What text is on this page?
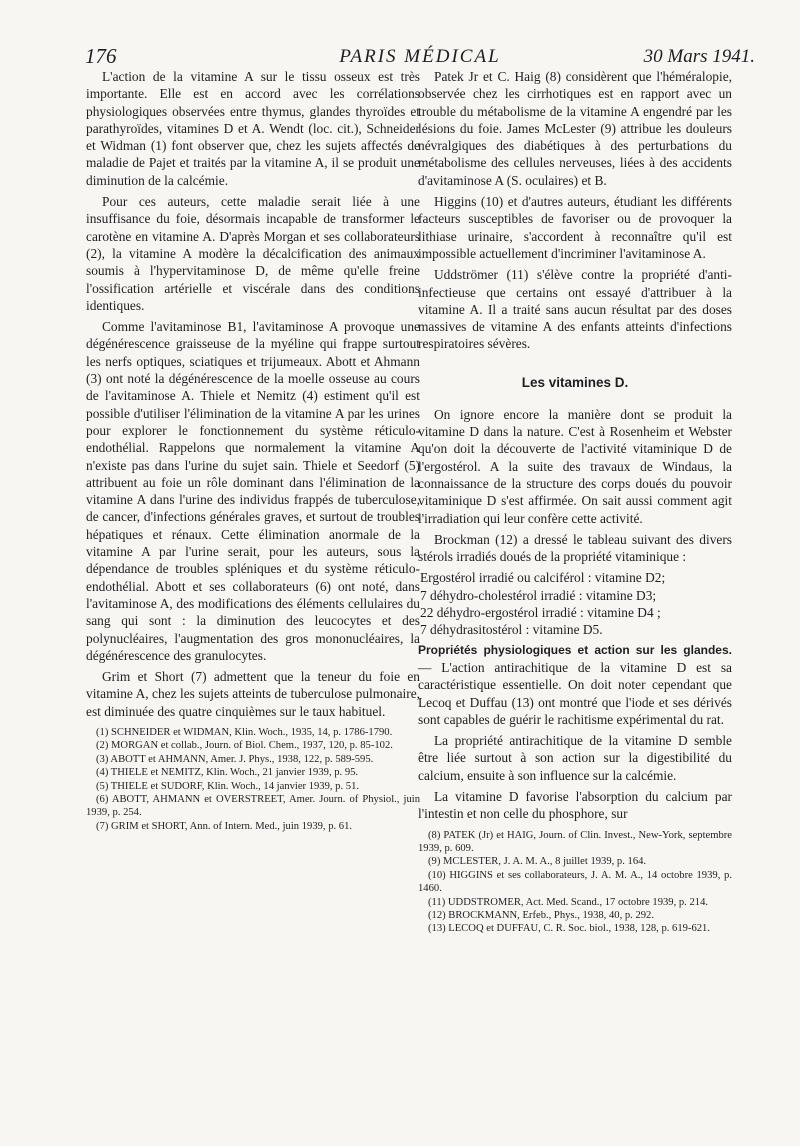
176	PARIS MÉDICAL	30 Mars 1941.

L'action de la vitamine A sur le tissu osseux est très importante. Elle est en accord avec les corrélations physiologiques observées entre thymus, glandes thyroïdes et parathyroïdes, vitamines D et A. Wendt (loc. cit.), Schneider et Widman (1) font observer que, chez les sujets affectés de maladie de Pajet et traités par la vitamine A, il se produit une diminution de la calcémie.

Pour ces auteurs, cette maladie serait liée à une insuffisance du foie, désormais incapable de transformer le carotène en vitamine A. D'après Morgan et ses collaborateurs (2), la vitamine A modère la décalcification des animaux soumis à l'hypervitaminose D, de même qu'elle freine l'ossification artérielle et viscérale dans des conditions identiques.

Comme l'avitaminose B1, l'avitaminose A provoque une dégénérescence graisseuse de la myéline qui frappe surtout les nerfs optiques, sciatiques et trijumeaux. Abott et Ahmann (3) ont noté la dégénérescence de la moelle osseuse au cours de l'avitaminose A. Thiele et Nemitz (4) estiment qu'il est possible d'utiliser l'élimination de la vitamine A par les urines pour explorer le fonctionnement du système réticulo-endothélial. Rappelons que normalement la vitamine A n'existe pas dans l'urine du sujet sain. Thiele et Seedorf (5) attribuent au foie un rôle dominant dans l'élimination de la vitamine A dans l'urine des individus frappés de tuberculose, de cancer, d'infections générales graves, et surtout de troubles hépatiques et rénaux. Cette élimination anormale de la vitamine A par l'urine serait, pour les auteurs, sous la dépendance de troubles spléniques et du système réticulo-endothélial. Abott et ses collaborateurs (6) ont noté, dans l'avitaminose A, des modifications des éléments cellulaires du sang qui sont : la diminution des leucocytes et des polynucléaires, l'augmentation des gros mononucléaires, la dégénérescence des granulocytes.

Grim et Short (7) admettent que la teneur du foie en vitamine A, chez les sujets atteints de tuberculose pulmonaire, est diminuée des quatre cinquièmes sur le taux habituel.

(1) SCHNEIDER et WIDMAN, Klin. Woch., 1935, 14, p. 1786-1790.

(2) MORGAN et collab., Journ. of Biol. Chem., 1937, 120, p. 85-102.

(3) ABOTT et AHMANN, Amer. J. Phys., 1938, 122, p. 589-595.

(4) THIELE et NEMITZ, Klin. Woch., 21 janvier 1939, p. 95.

(5) THIELE et SUDORF, Klin. Woch., 14 janvier 1939, p. 51.

(6) ABOTT, AHMANN et OVERSTREET, Amer. Journ. of Physiol., juin 1939, p. 254.

(7) GRIM et SHORT, Ann. of Intern. Med., juin 1939, p. 61.

Patek Jr et C. Haig (8) considèrent que l'héméralopie, observée chez les cirrhotiques est en rapport avec un trouble du métabolisme de la vitamine A engendré par les lésions du foie. James McLester (9) attribue les douleurs névralgiques des diabétiques à des perturbations du métabolisme des cellules nerveuses, liées à des accidents d'avitaminose A (S. oculaires) et B.

Higgins (10) et d'autres auteurs, étudiant les différents facteurs susceptibles de favoriser ou de provoquer la lithiase urinaire, s'accordent à reconnaître qu'il est impossible actuellement d'incriminer l'avitaminose A.

Uddströmer (11) s'élève contre la propriété d'anti-infectieuse que certains ont essayé d'attribuer à la vitamine A. Il a traité sans aucun résultat par des doses massives de vitamine A des enfants atteints d'infections respiratoires sévères.

Les vitamines D.

On ignore encore la manière dont se produit la vitamine D dans la nature. C'est à Rosenheim et Webster qu'on doit la découverte de l'activité vitaminique D de l'ergostérol. A la suite des travaux de Windaus, la connaissance de la structure des corps doués du pouvoir vitaminique D s'est affirmée. On sait aussi comment agit l'irradiation qui leur confère cette activité.

Brockman (12) a dressé le tableau suivant des divers stérols irradiés doués de la propriété vitaminique :

Ergostérol irradié ou calciférol : vitamine D2;
7 déhydro-cholestérol irradié : vitamine D3;
22 déhydro-ergostérol irradié : vitamine D4 ;
7 déhydrasitostérol : vitamine D5.

Propriétés physiologiques et action sur les glandes. — L'action antirachitique de la vitamine D est sa caractéristique essentielle. On doit noter cependant que Lecoq et Duffau (13) ont montré que l'iode et ses dérivés sont capables de guérir le rachitisme expérimental du rat.

La propriété antirachitique de la vitamine D semble être liée surtout à son action sur la digestibilité du calcium, ensuite à son influence sur la calcémie.

La vitamine D favorise l'absorption du calcium par l'intestin et non celle du phosphore, sur

(8) PATEK (Jr) et HAIG, Journ. of Clin. Invest., New-York, septembre 1939, p. 609.

(9) MCLESTER, J. A. M. A., 8 juillet 1939, p. 164.

(10) HIGGINS et ses collaborateurs, J. A. M. A., 14 octobre 1939, p. 1460.

(11) UDDSTROMER, Act. Med. Scand., 17 octobre 1939, p. 214.

(12) BROCKMANN, Erfeb., Phys., 1938, 40, p. 292.

(13) LECOQ et DUFFAU, C. R. Soc. biol., 1938, 128, p. 619-621.
